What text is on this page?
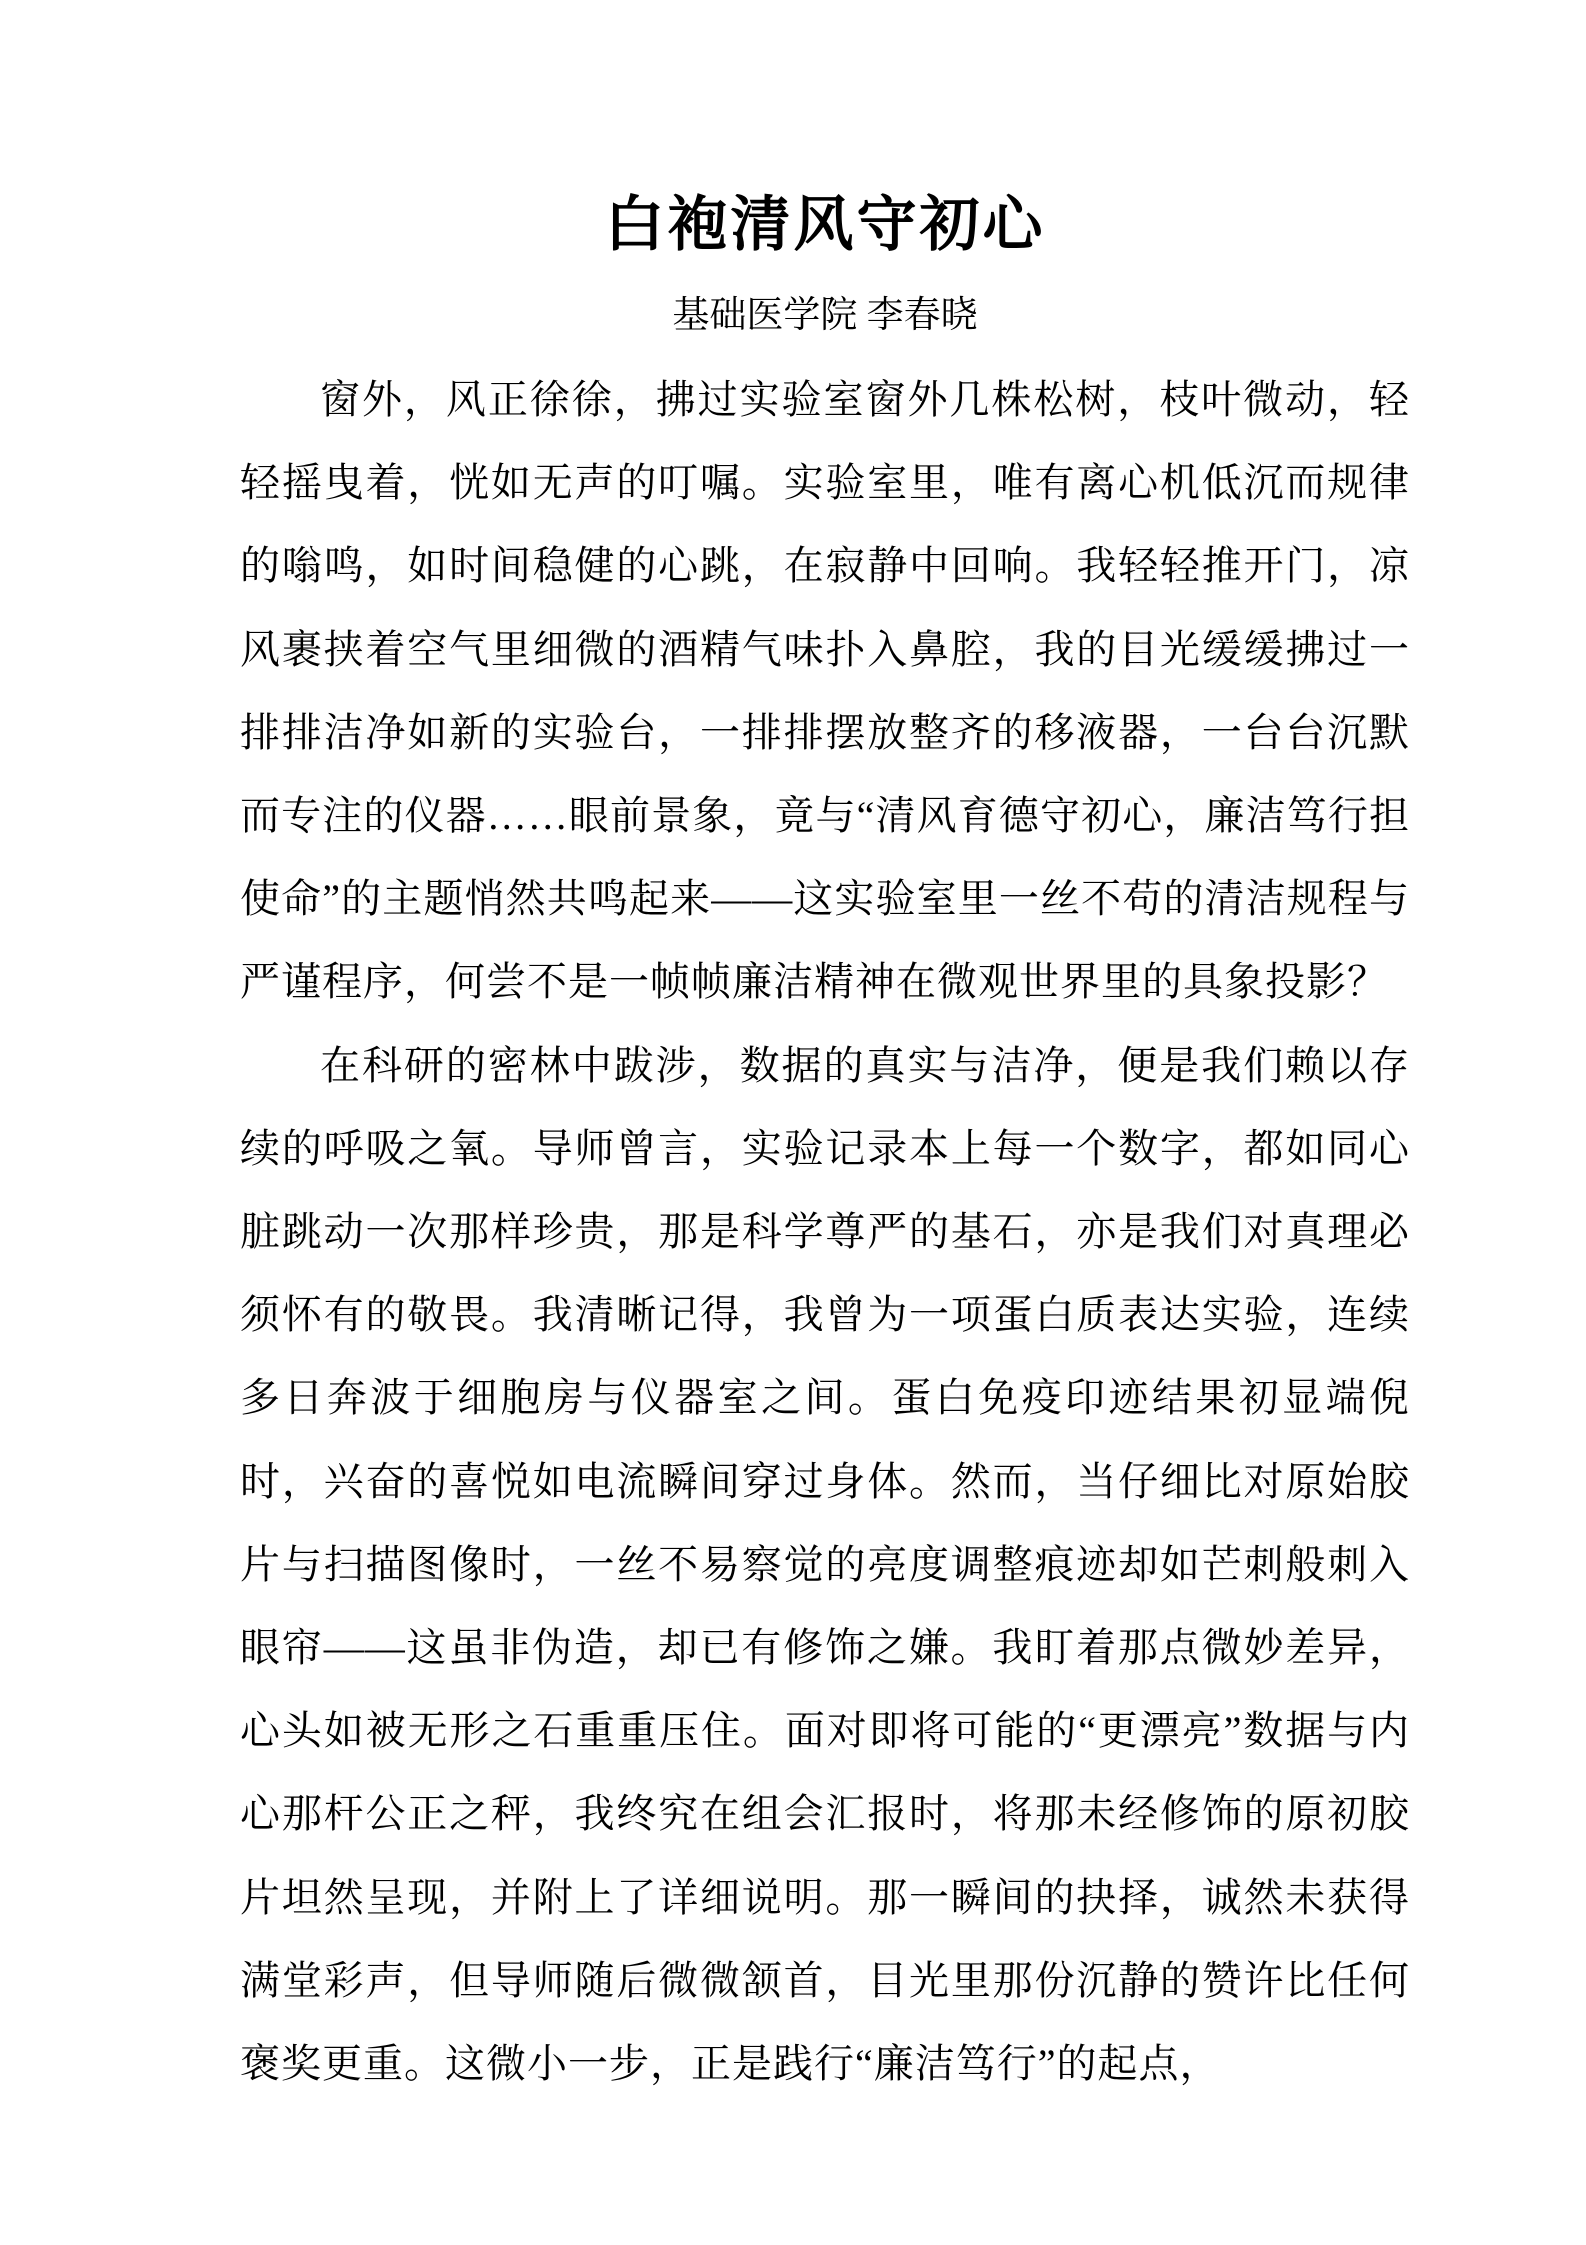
白袍清风守初心
基础医学院 李春晓

窗外，风正徐徐，拂过实验室窗外几株松树，枝叶微动，轻轻摇曳着，恍如无声的叮嘱。实验室里，唯有离心机低沉而规律的嗡鸣，如时间稳健的心跳，在寂静中回响。我轻轻推开门，凉风裹挟着空气里细微的酒精气味扑入鼻腔，我的目光缓缓拂过一排排洁净如新的实验台，一排排摆放整齐的移液器，一台台沉默而专注的仪器……眼前景象，竟与“清风育德守初心，廉洁笃行担使命”的主题悄然共鸣起来——这实验室里一丝不苟的清洁规程与严谨程序，何尝不是一帧帧廉洁精神在微观世界里的具象投影？

在科研的密林中跋涉，数据的真实与洁净，便是我们赖以存续的呼吸之氧。导师曾言，实验记录本上每一个数字，都如同心脏跳动一次那样珍贵，那是科学尊严的基石，亦是我们对真理必须怀有的敬畏。我清晰记得，我曾为一项蛋白质表达实验，连续多日奔波于细胞房与仪器室之间。蛋白免疫印迹结果初显端倪时，兴奋的喜悦如电流瞬间穿过身体。然而，当仔细比对原始胶片与扫描图像时，一丝不易察觉的亮度调整痕迹却如芒刺般刺入眼帘——这虽非伪造，却已有修饰之嫌。我盯着那点微妙差异，心头如被无形之石重重压住。面对即将可能的“更漂亮”数据与内心那杆公正之秤，我终究在组会汇报时，将那未经修饰的原初胶片坦然呈现，并附上了详细说明。那一瞬间的抉择，诚然未获得满堂彩声，但导师随后微微颔首，目光里那份沉静的赞许比任何褒奖更重。这微小一步，正是践行“廉洁笃行”的起点，
